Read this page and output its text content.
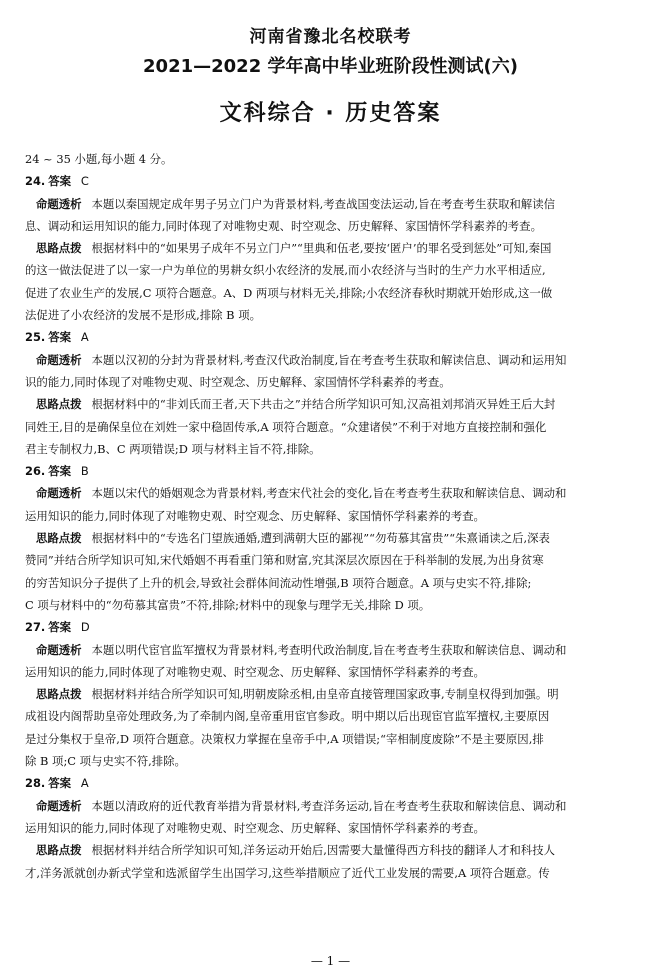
河南省豫北名校联考
2021—2022 学年高中毕业班阶段性测试(六)
文科综合 · 历史答案
24 ~ 35 小题,每小题 4 分。
24. 答案 C
命题透析 本题以秦国规定成年男子另立门户为背景材料,考查战国变法运动,旨在考查考生获取和解读信
息、调动和运用知识的能力,同时体现了对唯物史观、时空观念、历史解释、家国情怀学科素养的考查。
思路点拨 根据材料中的“如果男子成年不另立门户”“里典和伍老,要按‘匿户’的罪名受到惩处”可知,秦国
的这一做法促进了以一家一户为单位的男耕女织小农经济的发展,而小农经济与当时的生产力水平相适应,
促进了农业生产的发展,C 项符合题意。A、D 两项与材料无关,排除;小农经济春秋时期就开始形成,这一做
法促进了小农经济的发展不是形成,排除 B 项。
25. 答案 A
命题透析 本题以汉初的分封为背景材料,考查汉代政治制度,旨在考查考生获取和解读信息、调动和运用知
识的能力,同时体现了对唯物史观、时空观念、历史解释、家国情怀学科素养的考查。
思路点拨 根据材料中的“非刘氏而王者,天下共击之”并结合所学知识可知,汉高祖刘邦消灭异姓王后大封
同姓王,目的是确保皇位在刘姓一家中稳固传承,A 项符合题意。“众建诸侯”不利于对地方直接控制和强化
君主专制权力,B、C 两项错误;D 项与材料主旨不符,排除。
26. 答案 B
命题透析 本题以宋代的婚姻观念为背景材料,考查宋代社会的变化,旨在考查考生获取和解读信息、调动和
运用知识的能力,同时体现了对唯物史观、时空观念、历史解释、家国情怀学科素养的考查。
思路点拨 根据材料中的“专选名门望族通婚,遭到满朝大臣的鄙视”“勿苟慕其富贵”“朱熹诵读之后,深表
赞同”并结合所学知识可知,宋代婚姻不再看重门第和财富,究其深层次原因在于科举制的发展,为出身贫寒
的穷苦知识分子提供了上升的机会,导致社会群体间流动性增强,B 项符合题意。A 项与史实不符,排除;
C 项与材料中的“勿苟慕其富贵”不符,排除;材料中的现象与理学无关,排除 D 项。
27. 答案 D
命题透析 本题以明代宦官监军擅权为背景材料,考查明代政治制度,旨在考查考生获取和解读信息、调动和
运用知识的能力,同时体现了对唯物史观、时空观念、历史解释、家国情怀学科素养的考查。
思路点拨 根据材料并结合所学知识可知,明朝废除丞相,由皇帝直接管理国家政事,专制皇权得到加强。明
成祖设内阁帮助皇帝处理政务,为了牵制内阁,皇帝重用宦官参政。明中期以后出现宦官监军擅权,主要原因
是过分集权于皇帝,D 项符合题意。决策权力掌握在皇帝手中,A 项错误;“宰相制度废除”不是主要原因,排
除 B 项;C 项与史实不符,排除。
28. 答案 A
命题透析 本题以清政府的近代教育举措为背景材料,考查洋务运动,旨在考查考生获取和解读信息、调动和
运用知识的能力,同时体现了对唯物史观、时空观念、历史解释、家国情怀学科素养的考查。
思路点拨 根据材料并结合所学知识可知,洋务运动开始后,因需要大量懂得西方科技的翻译人才和科技人
才,洋务派就创办新式学堂和选派留学生出国学习,这些举措顺应了近代工业发展的需要,A 项符合题意。传
— 1 —
